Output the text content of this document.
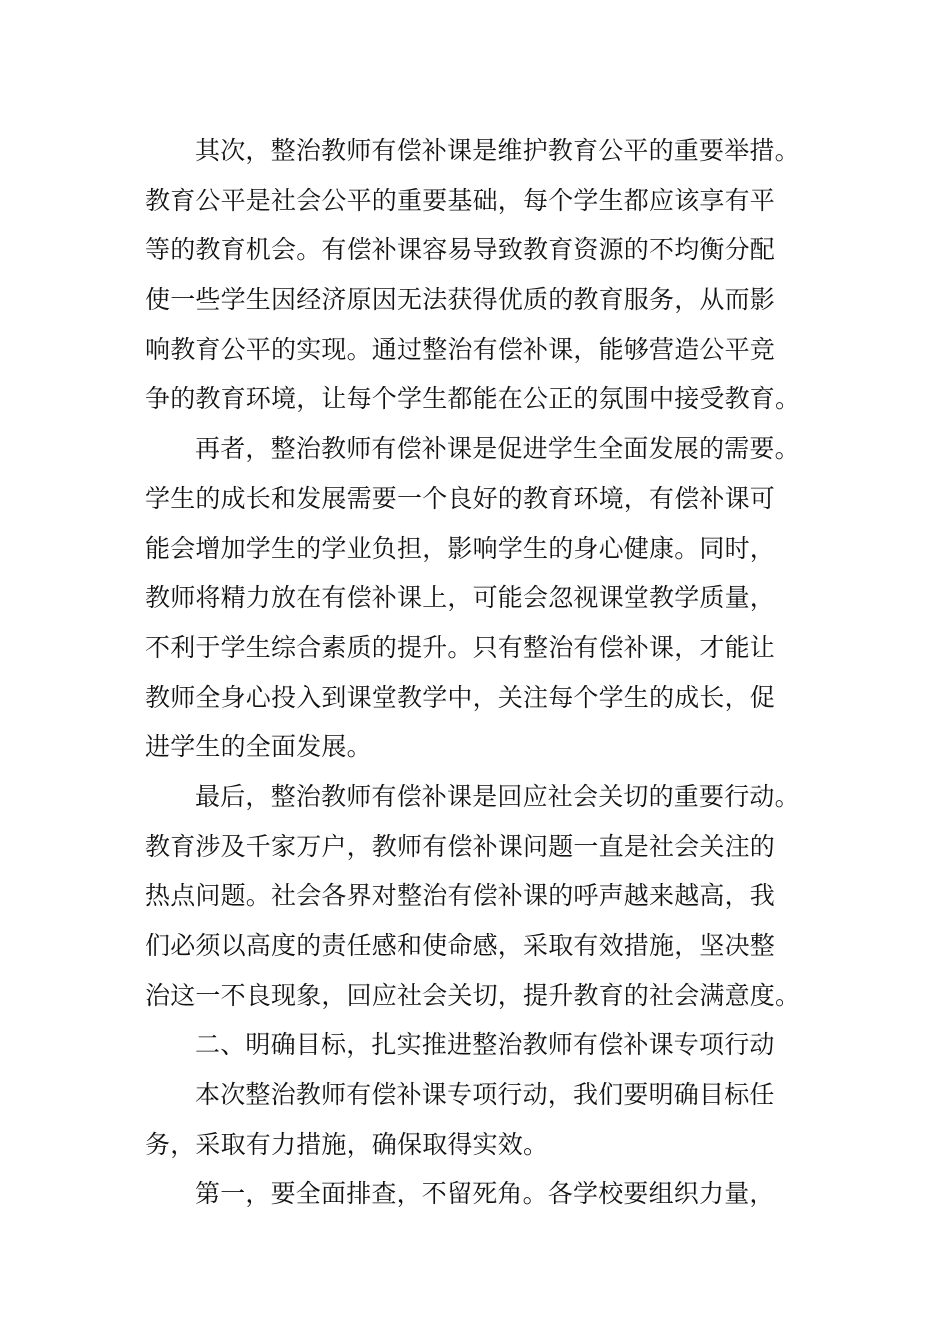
其次，整治教师有偿补课是维护教育公平的重要举措。
教育公平是社会公平的重要基础，每个学生都应该享有平
等的教育机会。有偿补课容易导致教育资源的不均衡分配
使一些学生因经济原因无法获得优质的教育服务，从而影
响教育公平的实现。通过整治有偿补课，能够营造公平竞
争的教育环境，让每个学生都能在公正的氛围中接受教育。
再者，整治教师有偿补课是促进学生全面发展的需要。
学生的成长和发展需要一个良好的教育环境，有偿补课可
能会增加学生的学业负担，影响学生的身心健康。同时，
教师将精力放在有偿补课上，可能会忽视课堂教学质量，
不利于学生综合素质的提升。只有整治有偿补课，才能让
教师全身心投入到课堂教学中，关注每个学生的成长，促
进学生的全面发展。
最后，整治教师有偿补课是回应社会关切的重要行动。
教育涉及千家万户，教师有偿补课问题一直是社会关注的
热点问题。社会各界对整治有偿补课的呼声越来越高，我
们必须以高度的责任感和使命感，采取有效措施，坚决整
治这一不良现象，回应社会关切，提升教育的社会满意度。
二、明确目标，扎实推进整治教师有偿补课专项行动
本次整治教师有偿补课专项行动，我们要明确目标任
务，采取有力措施，确保取得实效。
第一，要全面排查，不留死角。各学校要组织力量，
